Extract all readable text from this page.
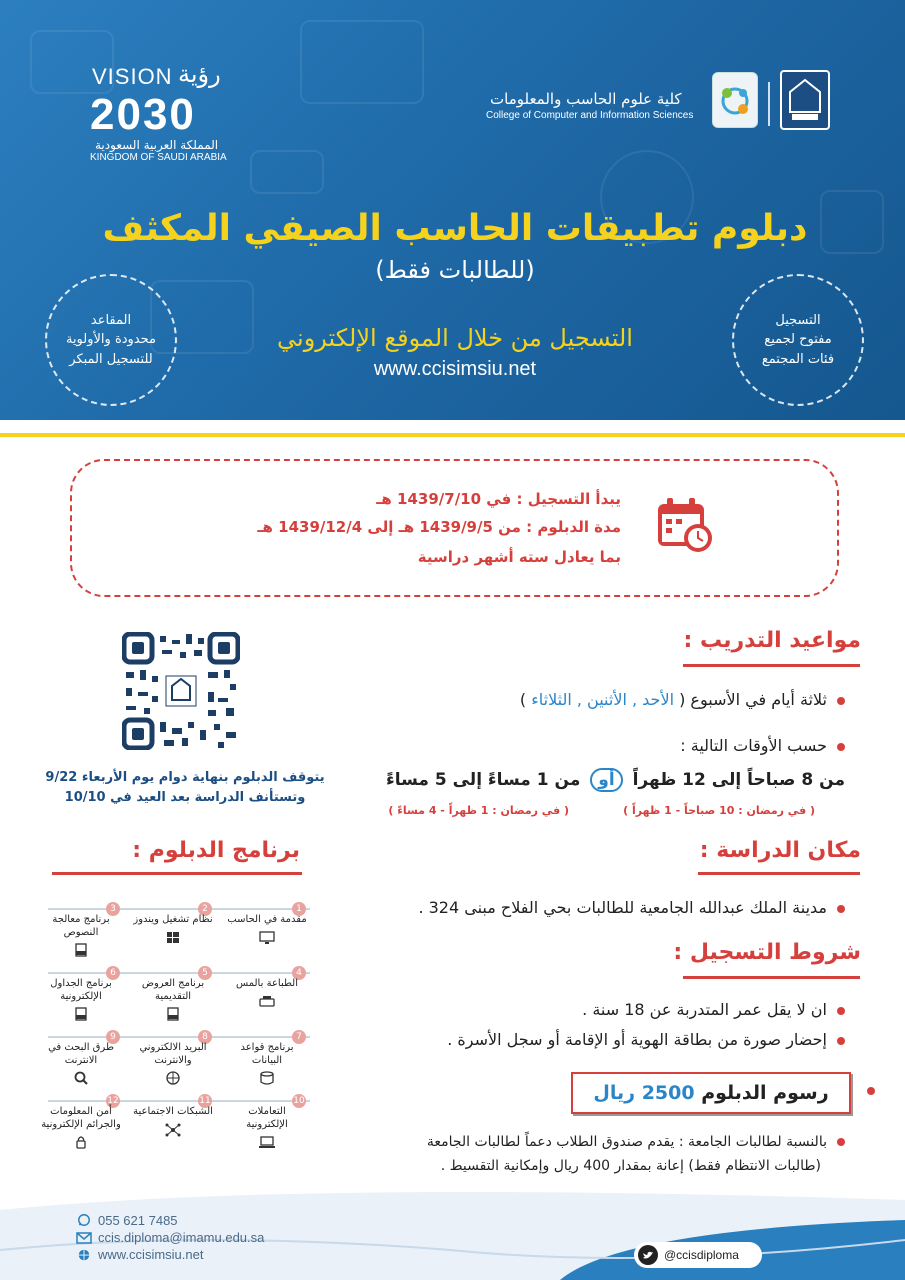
VISION رؤية
2030
المملكة العربية السعودية
KINGDOM OF SAUDI ARABIA
كلية علوم الحاسب والمعلومات
College of Computer and Information Sciences
دبلوم تطبيقات الحاسب الصيفي المكثف
(للطالبات فقط)
التسجيل من خلال الموقع الإلكتروني
www.ccisimsiu.net
المقاعد
محدودة والأولوية
للتسجيل المبكر
التسجيل
مفتوح لجميع
فئات المجتمع
يبدأ التسجيل : في 1439/7/10 هـ
مدة الدبلوم : من 1439/9/5 هـ إلى 1439/12/4 هـ
بما يعادل سته أشهر دراسية
يتوقف الدبلوم بنهاية دوام يوم الأربعاء 9/22
وتستأنف الدراسة بعد العيد في 10/10
مواعيد التدريب :
ثلاثة أيام في الأسبوع ( الأحد , الأثنين , الثلاثاء )
حسب الأوقات التالية :
من 8 صباحاً إلى 12 ظهراً أو من 1 مساءً إلى 5 مساءً
( في رمضان : 10 صباحاً - 1 ظهراً )
( في رمضان : 1 ظهراً - 4 مساءً )
مكان الدراسة :
مدينة الملك عبدالله الجامعية للطالبات بحي الفلاح مبنى 324 .
شروط التسجيل :
ان لا يقل عمر المتدربة عن 18 سنة .
إحضار صورة من بطاقة الهوية أو الإقامة أو سجل الأسرة .
رسوم الدبلوم

2500

ريال
بالنسبة لطالبات الجامعة : يقدم صندوق الطلاب دعماً لطالبات الجامعة
(طالبات الانتظام فقط) إعانة بمقدار 400 ريال وإمكانية التقسيط .
برنامج الدبلوم :
1
مقدمة في الحاسب
2
نظام تشغيل ويندوز
3
برنامج معالجة النصوص
4
الطباعة بالمس
5
برنامج العروض التقديمية
6
برنامج الجداول الإلكترونية
7
برنامج قواعد البيانات
8
البريد الالكتروني والانترنت
9
طرق البحث في الانترنت
10
التعاملات الإلكترونية
11
الشبكات الاجتماعية
12
أمن المعلومات والجرائم الإلكترونية
055 621 7485
ccis.diploma@imamu.edu.sa
www.ccisimsiu.net	@ccisdiploma
